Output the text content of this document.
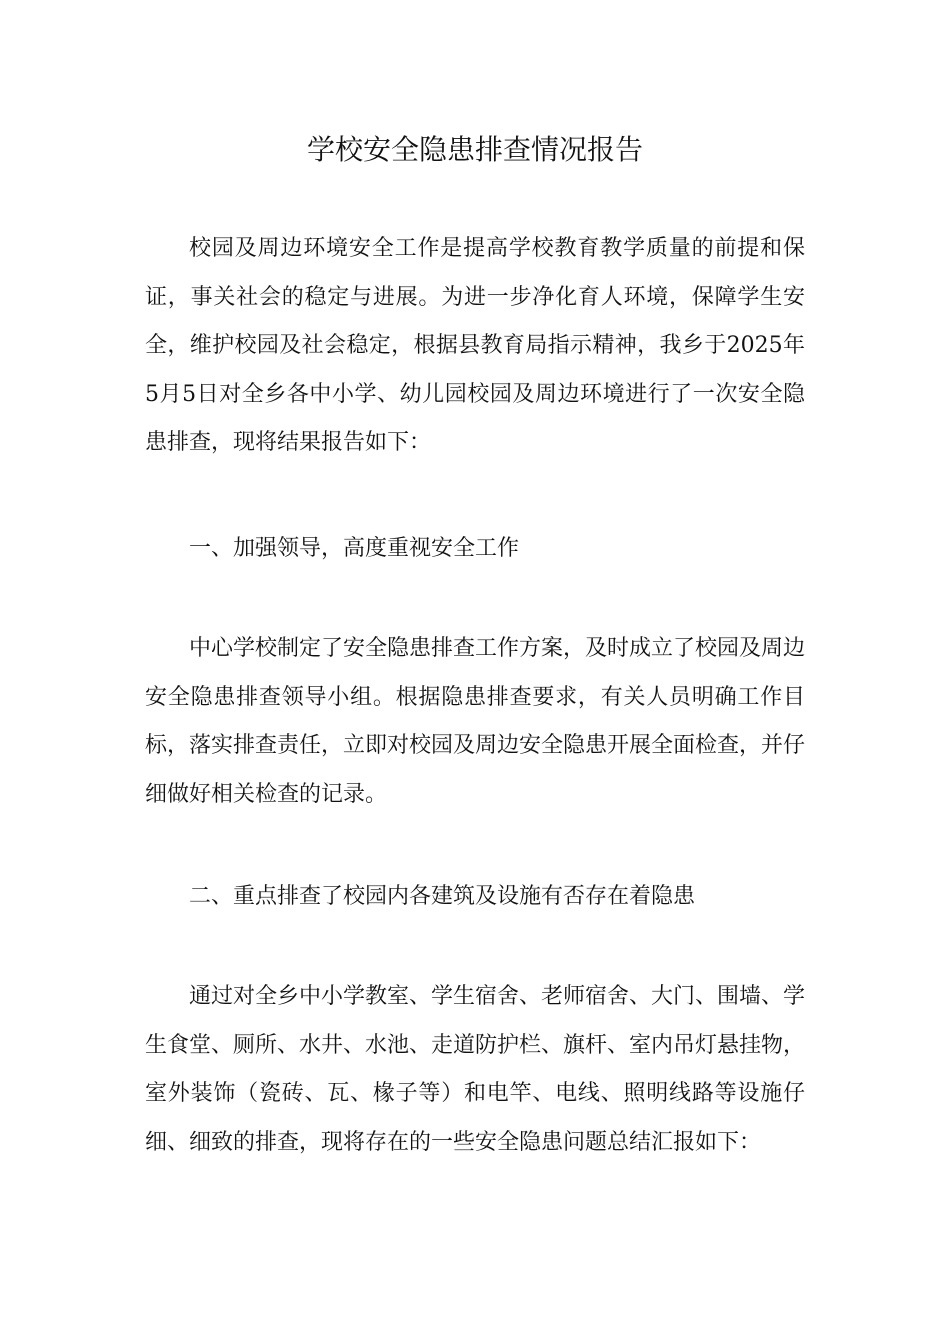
学校安全隐患排查情况报告

校园及周边环境安全工作是提高学校教育教学质量的前提和保证，事关社会的稳定与进展。为进一步净化育人环境，保障学生安全，维护校园及社会稳定，根据县教育局指示精神，我乡于2025年5月5日对全乡各中小学、幼儿园校园及周边环境进行了一次安全隐患排查，现将结果报告如下：

一、加强领导，高度重视安全工作

中心学校制定了安全隐患排查工作方案，及时成立了校园及周边安全隐患排查领导小组。根据隐患排查要求，有关人员明确工作目标，落实排查责任，立即对校园及周边安全隐患开展全面检查，并仔细做好相关检查的记录。

二、重点排查了校园内各建筑及设施有否存在着隐患

通过对全乡中小学教室、学生宿舍、老师宿舍、大门、围墙、学生食堂、厕所、水井、水池、走道防护栏、旗杆、室内吊灯悬挂物，室外装饰（瓷砖、瓦、椽子等）和电竿、电线、照明线路等设施仔细、细致的排查，现将存在的一些安全隐患问题总结汇报如下：
